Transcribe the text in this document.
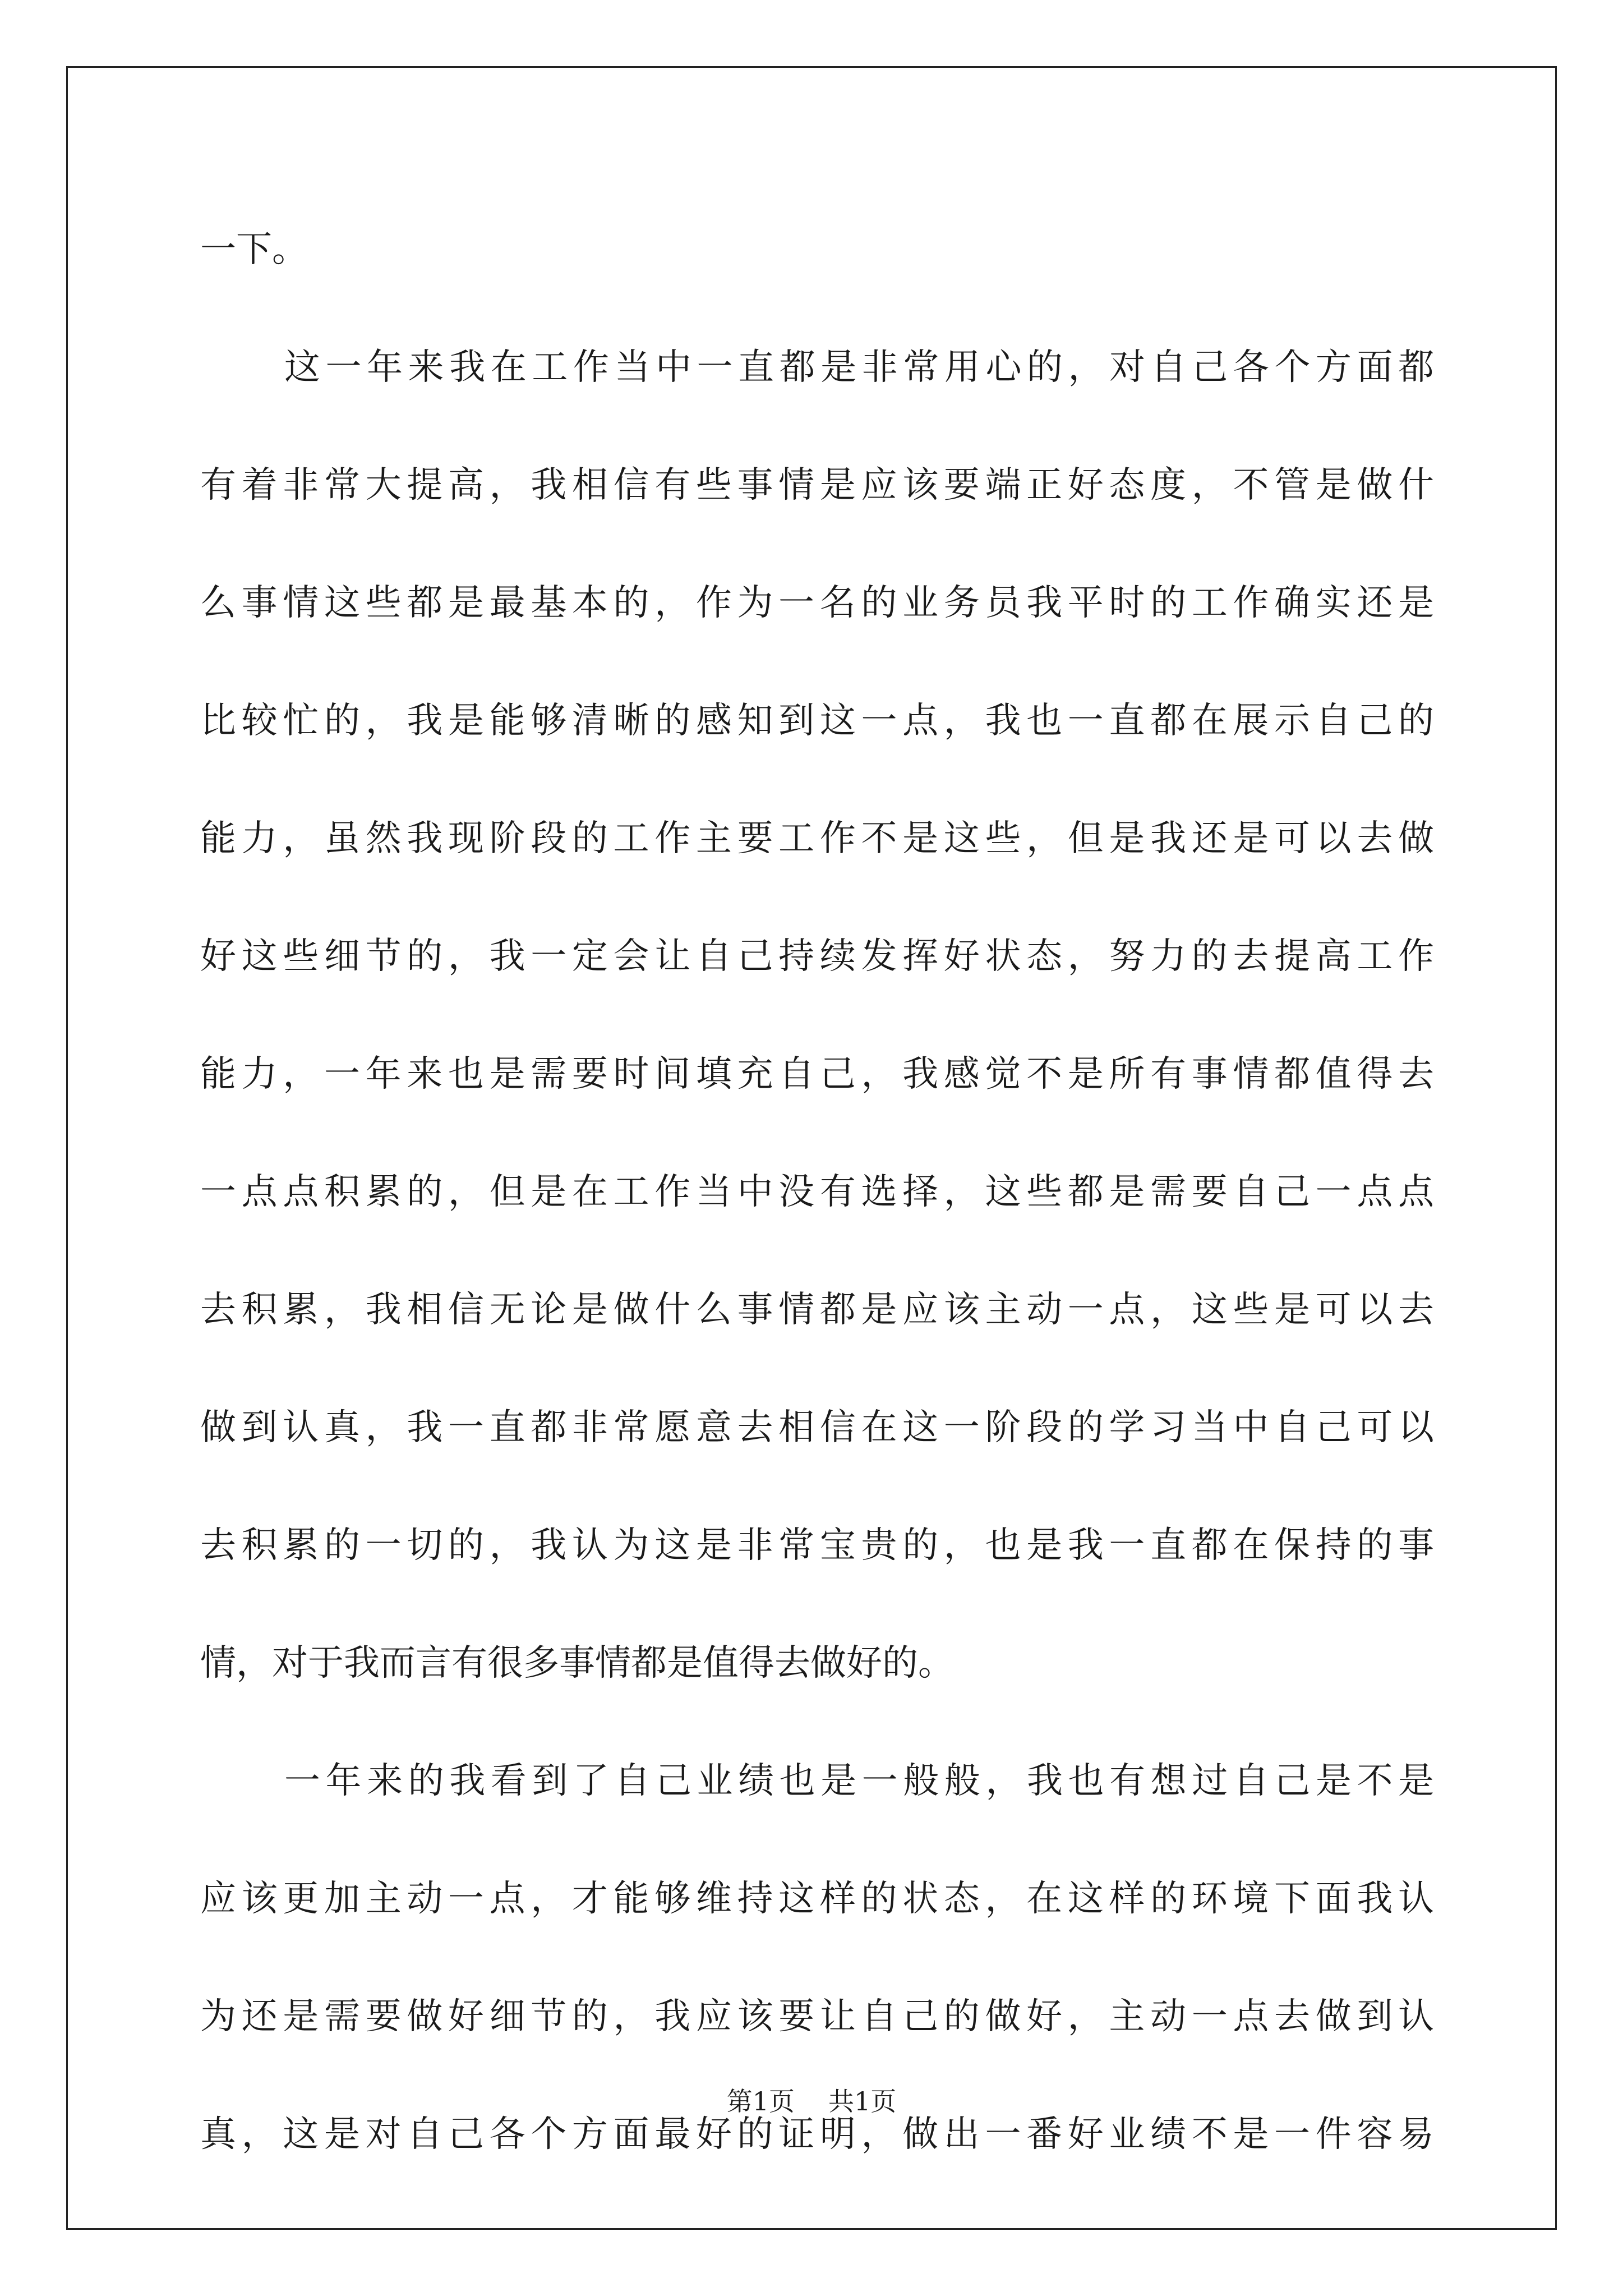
一下。
这一年来我在工作当中一直都是非常用心的，对自己各个方面都
有着非常大提高，我相信有些事情是应该要端正好态度，不管是做什
么事情这些都是最基本的，作为一名的业务员我平时的工作确实还是
比较忙的，我是能够清晰的感知到这一点，我也一直都在展示自己的
能力，虽然我现阶段的工作主要工作不是这些，但是我还是可以去做
好这些细节的，我一定会让自己持续发挥好状态，努力的去提高工作
能力，一年来也是需要时间填充自己，我感觉不是所有事情都值得去
一点点积累的，但是在工作当中没有选择，这些都是需要自己一点点
去积累，我相信无论是做什么事情都是应该主动一点，这些是可以去
做到认真，我一直都非常愿意去相信在这一阶段的学习当中自己可以
去积累的一切的，我认为这是非常宝贵的，也是我一直都在保持的事
情，对于我而言有很多事情都是值得去做好的。
一年来的我看到了自己业绩也是一般般，我也有想过自己是不是
应该更加主动一点，才能够维持这样的状态，在这样的环境下面我认
为还是需要做好细节的，我应该要让自己的做好，主动一点去做到认
真，这是对自己各个方面最好的证明，做出一番好业绩不是一件容易
第1页 共1页
